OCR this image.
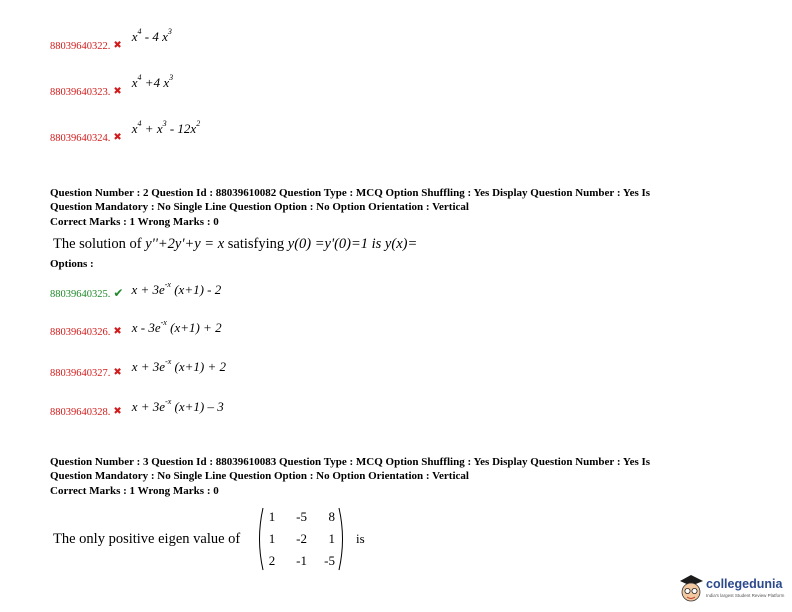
88039640322. ✖ $^{x^4 - 4 x^3}$
88039640323. ✖ $^{x^4 +4 x^3}$
88039640324. ✖ $^{x^4 + x^3 - 12x^2}$
Question Number : 2 Question Id : 88039610082 Question Type : MCQ Option Shuffling : Yes Display Question Number : Yes Is
Question Mandatory : No Single Line Question Option : No Option Orientation : Vertical
Correct Marks : 1 Wrong Marks : 0
The solution of y''+2y'+y = x satisfying y(0) =y'(0)=1 is y(x)=
Options :
88039640325. ✔ $x + 3e^{-x}$ (x+1) - 2
88039640326. ✖ x - $3e^{-x}$ (x+1) + 2
88039640327. ✖ $^{x + 3e^{-x} (x+1) + 2}$
88039640328. ✖ $^{x + 3e^{-x} (x+1) - 3}$
Question Number : 3 Question Id : 88039610083 Question Type : MCQ Option Shuffling : Yes Display Question Number : Yes Is
Question Mandatory : No Single Line Question Option : No Option Orientation : Vertical
Correct Marks : 1 Wrong Marks : 0
The only positive eigen value of
1	-5	8
1	-2	1
2	-1	-5
is
collegedunia
India's largest Student Review Platform
